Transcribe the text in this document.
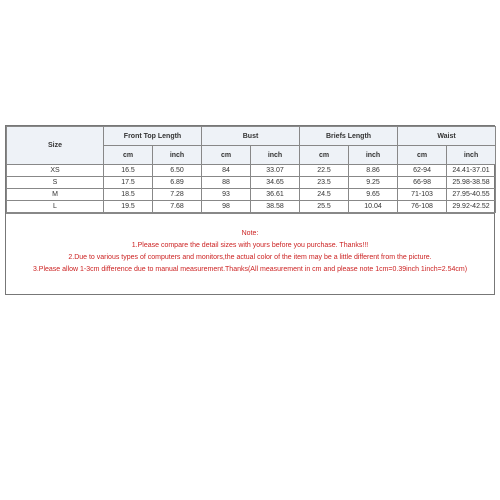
Size	Front Top Length		Bust		Briefs Length		Waist	
	cm	inch	cm	inch	cm	inch	cm	inch
XS	16.5	6.50	84	33.07	22.5	8.86	62-94	24.41-37.01
S	17.5	6.89	88	34.65	23.5	9.25	66-98	25.98-38.58
M	18.5	7.28	93	36.61	24.5	9.65	71-103	27.95-40.55
L	19.5	7.68	98	38.58	25.5	10.04	76-108	29.92-42.52
Note:
1.Please compare the detail sizes with yours before you purchase. Thanks!!!
2.Due to various types of computers and monitors,the actual color of the item may be a little different from the picture.
3.Please allow 1-3cm difference due to manual measurement.Thanks(All measurement in cm and please note 1cm=0.39inch 1inch=2.54cm)
